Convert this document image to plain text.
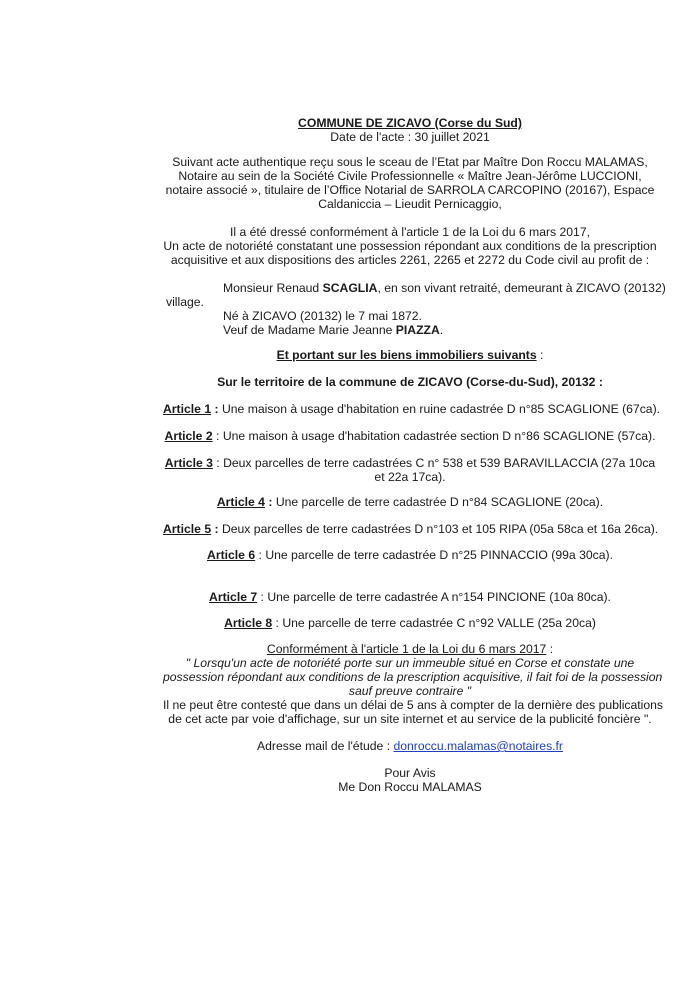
COMMUNE DE ZICAVO (Corse du Sud)
Date de l'acte : 30 juillet 2021
Suivant acte authentique reçu sous le sceau de l’Etat par Maître Don Roccu MALAMAS,
Notaire au sein de la Société Civile Professionnelle « Maître Jean-Jérôme LUCCIONI,
notaire associé », titulaire de l’Office Notarial de SARROLA CARCOPINO (20167), Espace
Caldaniccia – Lieudit Pernicaggio,
Il a été dressé conformément à l'article 1 de la Loi du 6 mars 2017,
Un acte de notoriété constatant une possession répondant aux conditions de la prescription
acquisitive et aux dispositions des articles 2261, 2265 et 2272 du Code civil au profit de :
Monsieur Renaud SCAGLIA, en son vivant retraité, demeurant à ZICAVO (20132)
village.
Né à ZICAVO (20132) le 7 mai 1872.
Veuf de Madame Marie Jeanne PIAZZA.
Et portant sur les biens immobiliers suivants :
Sur le territoire de la commune de ZICAVO (Corse-du-Sud), 20132 :
Article 1 : Une maison à usage d'habitation en ruine cadastrée D n°85 SCAGLIONE (67ca).
Article 2 : Une maison à usage d'habitation cadastrée section D n°86 SCAGLIONE (57ca).
Article 3 : Deux parcelles de terre cadastrées C n° 538 et 539 BARAVILLACCIA (27a 10ca
et 22a 17ca).
Article 4 : Une parcelle de terre cadastrée D n°84 SCAGLIONE (20ca).
Article 5 : Deux parcelles de terre cadastrées D n°103 et 105 RIPA (05a 58ca et 16a 26ca).
Article 6 : Une parcelle de terre cadastrée D n°25 PINNACCIO (99a 30ca).
Article 7 : Une parcelle de terre cadastrée A n°154 PINCIONE (10a 80ca).
Article 8 : Une parcelle de terre cadastrée C n°92 VALLE (25a 20ca)
Conformément à l'article 1 de la Loi du 6 mars 2017 :
" Lorsqu'un acte de notoriété porte sur un immeuble situé en Corse et constate une
possession répondant aux conditions de la prescription acquisitive, il fait foi de la possession
sauf preuve contraire "
Il ne peut être contesté que dans un délai de 5 ans à compter de la dernière des publications
de cet acte par voie d'affichage, sur un site internet et au service de la publicité foncière ".
Adresse mail de l'étude : donroccu.malamas@notaires.fr
Pour Avis
Me Don Roccu MALAMAS
